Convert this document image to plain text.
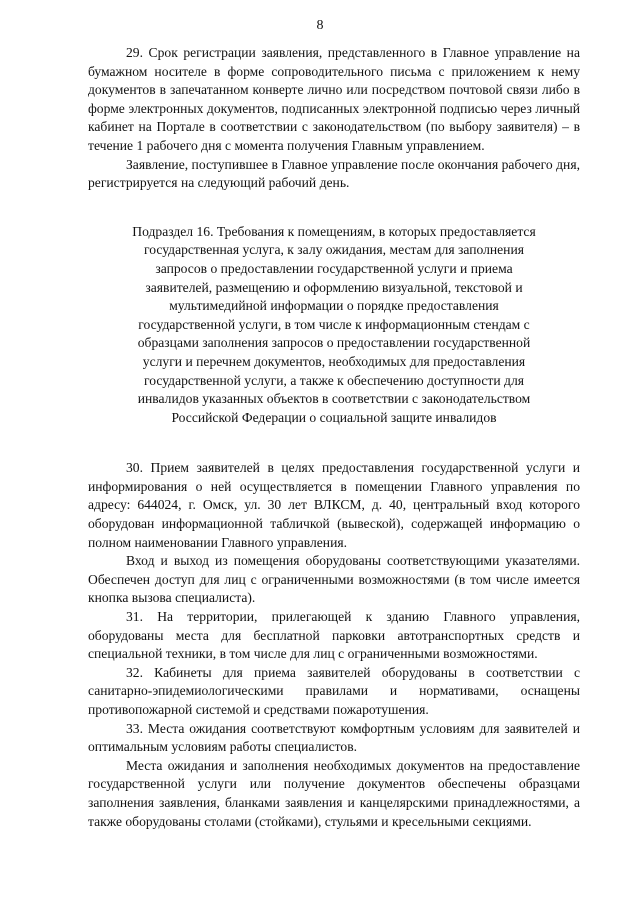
8

29. Срок регистрации заявления, представленного в Главное управление на бумажном носителе в форме сопроводительного письма с приложением к нему документов в запечатанном конверте лично или посредством почтовой связи либо в форме электронных документов, подписанных электронной подписью через личный кабинет на Портале в соответствии с законодательством (по выбору заявителя) – в течение 1 рабочего дня с момента получения Главным управлением.

Заявление, поступившее в Главное управление после окончания рабочего дня, регистрируется на следующий рабочий день.

Подраздел 16. Требования к помещениям, в которых предоставляется государственная услуга, к залу ожидания, местам для заполнения запросов о предоставлении государственной услуги и приема заявителей, размещению и оформлению визуальной, текстовой и мультимедийной информации о порядке предоставления государственной услуги, в том числе к информационным стендам с образцами заполнения запросов о предоставлении государственной услуги и перечнем документов, необходимых для предоставления государственной услуги, а также к обеспечению доступности для инвалидов указанных объектов в соответствии с законодательством Российской Федерации о социальной защите инвалидов

30. Прием заявителей в целях предоставления государственной услуги и информирования о ней осуществляется в помещении Главного управления по адресу: 644024, г. Омск, ул. 30 лет ВЛКСМ, д. 40, центральный вход которого оборудован информационной табличкой (вывеской), содержащей информацию о полном наименовании Главного управления.

Вход и выход из помещения оборудованы соответствующими указателями. Обеспечен доступ для лиц с ограниченными возможностями (в том числе имеется кнопка вызова специалиста).

31. На территории, прилегающей к зданию Главного управления, оборудованы места для бесплатной парковки автотранспортных средств и специальной техники, в том числе для лиц с ограниченными возможностями.

32. Кабинеты для приема заявителей оборудованы в соответствии с санитарно-эпидемиологическими правилами и нормативами, оснащены противопожарной системой и средствами пожаротушения.

33. Места ожидания соответствуют комфортным условиям для заявителей и оптимальным условиям работы специалистов.

Места ожидания и заполнения необходимых документов на предоставление государственной услуги или получение документов обеспечены образцами заполнения заявления, бланками заявления и канцелярскими принадлежностями, а также оборудованы столами (стойками), стульями и кресельными секциями.
